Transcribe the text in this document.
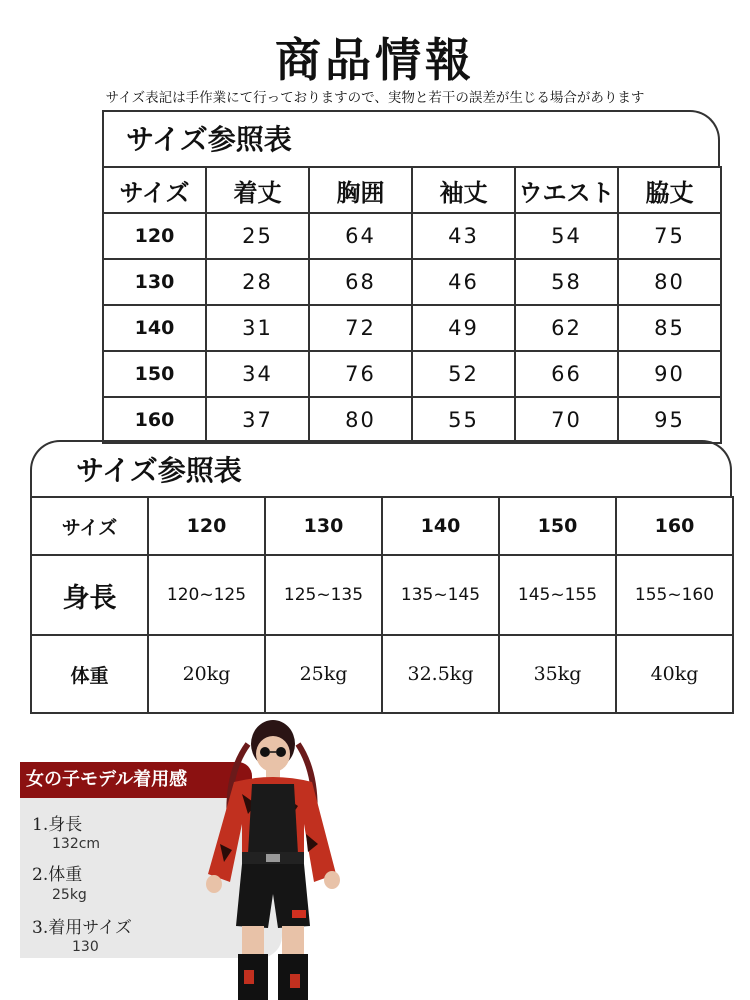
商品情報
サイズ表記は手作業にて行っておりますので、実物と若干の誤差が生じる場合があります
サイズ参照表
サイズ	着丈	胸囲	袖丈	ウエスト	脇丈
120	25	64	43	54	75
130	28	68	46	58	80
140	31	72	49	62	85
150	34	76	52	66	90
160	37	80	55	70	95
サイズ参照表
サイズ	120	130	140	150	160
身長	120~125	125~135	135~145	145~155	155~160
体重	20kg	25kg	32.5kg	35kg	40kg
女の子モデル着用感
1.身長
132cm
2.体重
25kg
3.着用サイズ
130
